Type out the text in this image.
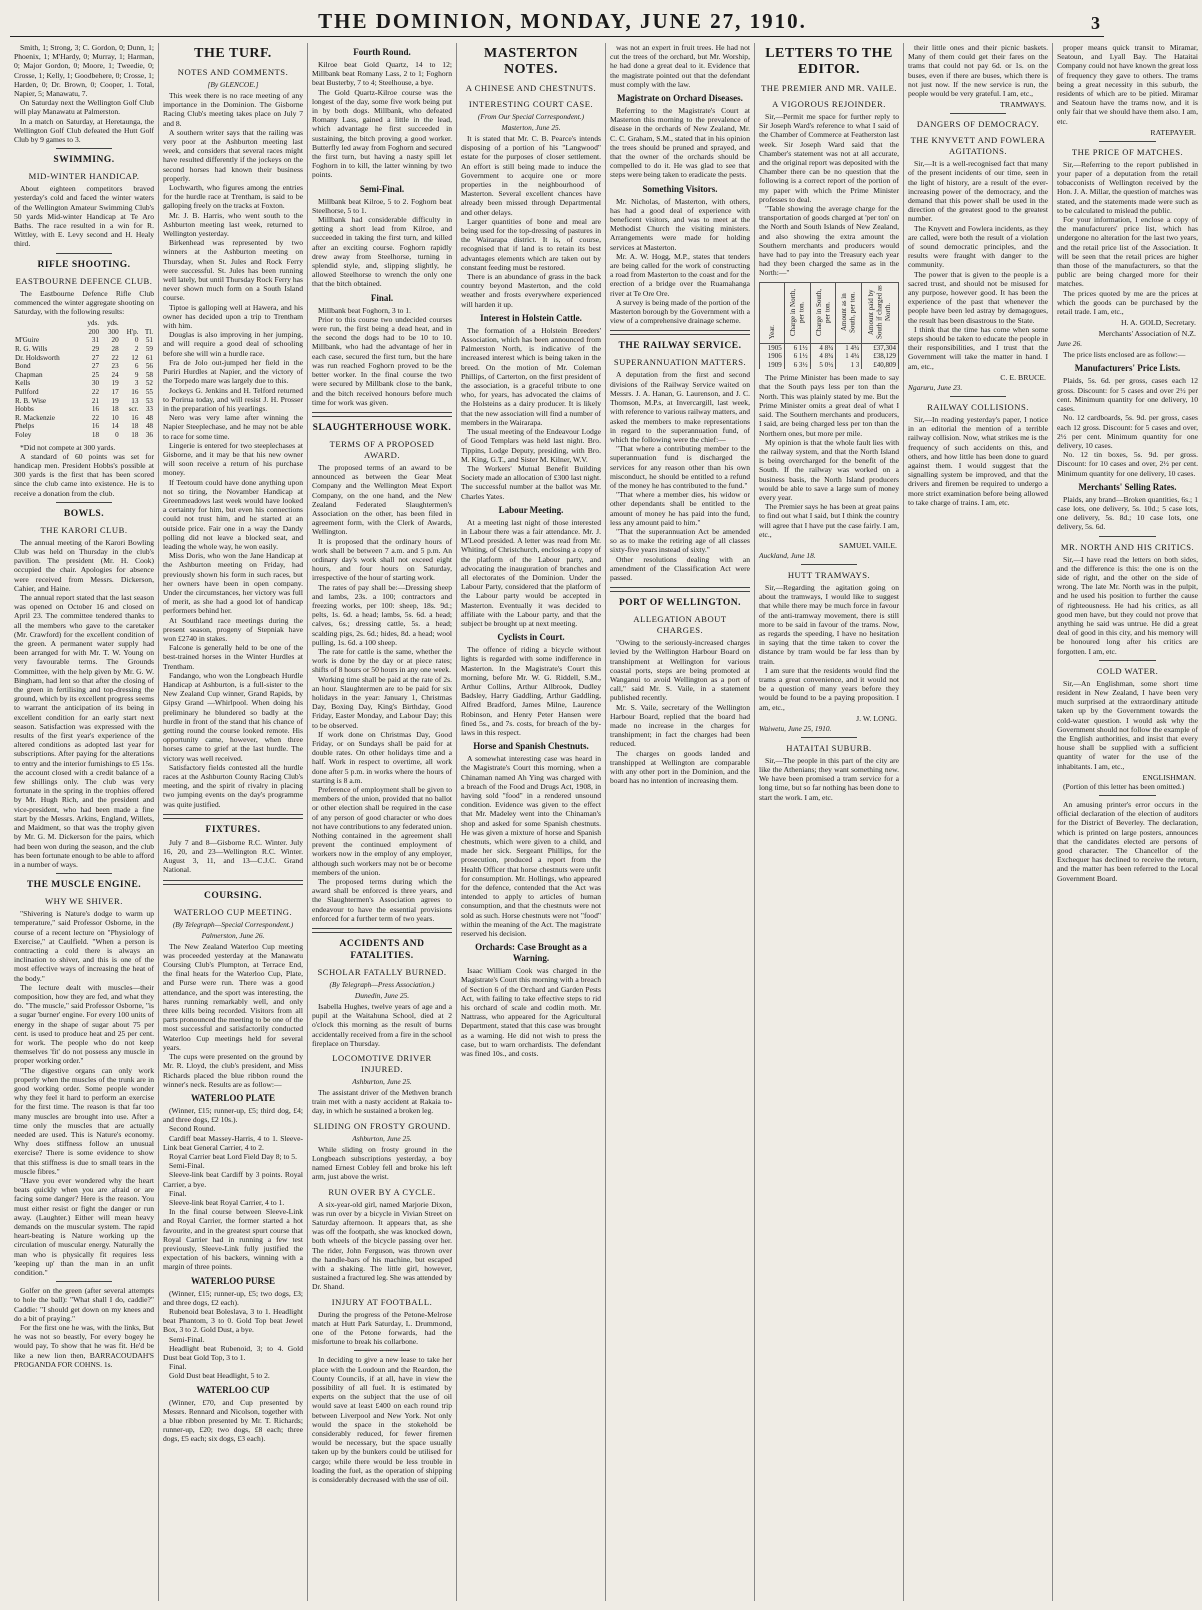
THE DOMINION, MONDAY, JUNE 27, 1910.	3

Smith, 1; Strong, 3; C. Gordon, 0; Dunn, 1; Phoenix, 1; M'Hardy, 0; Murray, 1; Harman, 0; Major Gordon, 0; Moore, 1; Tweedie, 0; Crosse, 1; Kelly, 1; Goodbehere, 0; Crosse, 1; Harden, 0; Dr. Brown, 0; Cooper, 1. Total, Napier, 5; Manawatu, 7.

On Saturday next the Wellington Golf Club will play Manawatu at Palmerston.

In a match on Saturday, at Heretaunga, the Wellington Golf Club defeated the Hutt Golf Club by 9 games to 3.

SWIMMING.
MID-WINTER HANDICAP.

About eighteen competitors braved yesterday's cold and faced the winter waters of the Wellington Amateur Swimming Club's 50 yards Mid-winter Handicap at Te Aro Baths. The race resulted in a win for R. Wittley, with E. Levy second and H. Healy third.

RIFLE SHOOTING.
EASTBOURNE DEFENCE CLUB.

The Eastbourne Defence Rifle Club commenced the winter aggregate shooting on Saturday, with the following results:

	yds.	yds.		
	200	300	H'p.	Tl.
M'Guire	31	20	0	51
R. G. Wills	29	28	2	59
Dr. Holdsworth	27	22	12	61
Bond	27	23	6	56
Chapman	25	24	9	58
Kells	30	19	3	52
Pullford	22	17	16	55
R. B. Wise	21	19	13	53
Hobbs	16	18	scr.	33
R. Mackenzie	22	10	16	48
Phelps	16	14	18	48
Foley	18	0	18	36

*Did not compete at 300 yards.

A standard of 60 points was set for handicap men. President Hobbs's possible at 300 yards is the first that has been scored since the club came into existence. He is to receive a donation from the club.

BOWLS.
THE KARORI CLUB.

The annual meeting of the Karori Bowling Club was held on Thursday in the club's pavilion. The president (Mr. H. Cook) occupied the chair. Apologies for absence were received from Messrs. Dickerson, Cahier, and Haine.

The annual report stated that the last season was opened on October 16 and closed on April 23. The committee tendered thanks to all the members who gave to the caretaker (Mr. Crawford) for the excellent condition of the green. A permanent water supply had been arranged for with Mr. T. W. Young on very favourable terms. The Grounds Committee, with the help given by Mr. G. W. Bingham, had lent so that after the closing of the green in fertilising and top-dressing the ground, which by its excellent progress seems to warrant the anticipation of its being in excellent condition for an early start next season. Satisfaction was expressed with the results of the first year's experience of the altered conditions as adopted last year for subscriptions. After paying for the alterations to entry and the interior furnishings to £5 15s. the account closed with a credit balance of a few shillings only. The club was very fortunate in the spring in the trophies offered by Mr. Hugh Rich, and the president and vice-president, who had been made a fine start by the Messrs. Arkins, England, Willets, and Maidment, so that was the trophy given by Mr. G. M. Dickerson for the pairs, which had been won during the season, and the club has been fortunate enough to be able to afford in a number of ways.

THE MUSCLE ENGINE.
WHY WE SHIVER.

"Shivering is Nature's dodge to warm up temperature," said Professor Osborne, in the course of a recent lecture on "Physiology of Exercise," at Caulfield. "When a person is contracting a cold there is always an inclination to shiver, and this is one of the most effective ways of increasing the heat of the body."

The lecture dealt with muscles—their composition, how they are fed, and what they do. "The muscle," said Professor Osborne, "is a sugar 'burner' engine. For every 100 units of energy in the shape of sugar about 75 per cent. is used to produce heat and 25 per cent. for work. The people who do not keep themselves 'fit' do not possess any muscle in proper working order."

"The digestive organs can only work properly when the muscles of the trunk are in good working order. Some people wonder why they feel it hard to perform an exercise for the first time. The reason is that far too many muscles are brought into use. After a time only the muscles that are actually needed are used. This is Nature's economy. Why does stiffness follow an unusual exercise? There is some evidence to show that this stiffness is due to small tears in the muscle fibres."

"Have you ever wondered why the heart beats quickly when you are afraid or are facing some danger? Here is the reason. You must either resist or fight the danger or run away. (Laughter.) Either will mean heavy demands on the muscular system. The rapid heart-beating is Nature working up the circulation of muscular energy. Naturally the man who is physically fit requires less 'keeping up' than the man in an unfit condition."

Golfer on the green (after several attempts to hole the ball): "What shall I do, caddie?" Caddie: "I should get down on my knees and do a bit of praying."

For the first one he was, with the links, But he was not so beastly, For every bogey he would pay, To show that he was fit. He'd be like a new lion then, BARRACOUDAH'S PROGANDA FOR COHNS. 1s.

THE TURF.
NOTES AND COMMENTS.
[By GLENCOE.]

This week there is no race meeting of any importance in the Dominion. The Gisborne Racing Club's meeting takes place on July 7 and 8.

A southern writer says that the railing was very poor at the Ashburton meeting last week, and considers that several races might have resulted differently if the jockeys on the second horses had known their business properly.

Lochwarth, who figures among the entries for the hurdle race at Trentham, is said to be galloping freely on the tracks at Foxton.

Mr. J. B. Harris, who went south to the Ashburton meeting last week, returned to Wellington yesterday.

Birkenhead was represented by two winners at the Ashburton meeting on Thursday, when St. Jules and Rock Ferry were successful. St. Jules has been running well lately, but until Thursday Rock Ferry has never shown much form on a South Island course.

Tiptoe is galloping well at Hawera, and his owner has decided upon a trip to Trentham with him.

Douglas is also improving in her jumping, and will require a good deal of schooling before she will win a hurdle race.

Fra de Jolo out-jumped her field in the Puriri Hurdles at Napier, and the victory of the Torpedo mare was largely due to this.

Jockeys G. Jenkins and H. Telford returned to Porirua today, and will resist J. H. Prosser in the preparation of his yearlings.

Nero was very lame after winning the Napier Steeplechase, and he may not be able to race for some time.

Lingerie is entered for two steeplechases at Gisborne, and it may be that his new owner will soon receive a return of his purchase money.

If Teetoum could have done anything upon not so tiring, the Novamber Handicap at Greenmeadows last week would have looked a certainty for him, but even his connections could not trust him, and he started at an outside price. Fair one in a way the Dandy polling did not leave a blocked seat, and leading the whole way, he won easily.

Miss Doris, who won the Jane Handicap at the Ashburton meeting on Friday, had previously shown his form in such races, but her owners have been in open company. Under the circumstances, her victory was full of merit, as she had a good lot of handicap performers behind her.

At Southland race meetings during the present season, progeny of Stepniak have won £2740 in stakes.

Falcone is generally held to be one of the best-trained horses in the Winter Hurdles at Trentham.

Fandango, who won the Longbeach Hurdle Handicap at Ashburton, is a full-sister to the New Zealand Cup winner, Grand Rapids, by Gipsy Grand —Whirlpool. When doing his preliminary he blundered so badly at the hurdle in front of the stand that his chance of getting round the course looked remote. His opportunity came, however, when three horses came to grief at the last hurdle. The victory was well received.

Satisfactory fields contested all the hurdle races at the Ashburton County Racing Club's meeting, and the spirit of rivalry in placing two jumping events on the day's programme was quite justified.

FIXTURES.

July 7 and 8—Gisborne R.C. Winter. July 16, 20, and 23—Wellington R.C. Winter. August 3, 11, and 13—C.J.C. Grand National.

COURSING.
WATERLOO CUP MEETING.
(By Telegraph—Special Correspondent.)
Palmerston, June 26.

The New Zealand Waterloo Cup meeting was proceeded yesterday at the Manawatu Coursing Club's Plumpton, at Terrace End, the final heats for the Waterloo Cup, Plate, and Purse were run. There was a good attendance, and the sport was interesting, the hares running remarkably well, and only three kills being recorded. Visitors from all parts pronounced the meeting to be one of the most successful and satisfactorily conducted Waterloo Cup meetings held for several years.

The cups were presented on the ground by Mr. R. Lloyd, the club's president, and Miss Richards placed the blue ribbon round the winner's neck. Results are as follow:—

WATERLOO PLATE

(Winner, £15; runner-up, £5; third dog, £4; and three dogs, £2 10s.).

Second Round.

Cardiff beat Massey-Harris, 4 to 1. Sleeve-Link beat General Carrier, 4 to 2.

Royal Carrier beat Lord Field Day 8; to 5.

Semi-Final.

Sleeve-link beat Cardiff by 3 points. Royal Carrier, a bye.

Final.

Sleeve-link beat Royal Carrier, 4 to 1.

In the final course between Sleeve-Link and Royal Carrier, the former started a hot favourite, and in the greatest spurt course that Royal Carrier had in running a few test previously, Sleeve-Link fully justified the expectation of his backers, winning with a margin of three points.

WATERLOO PURSE

(Winner, £15; runner-up, £5; two dogs, £3; and three dogs, £2 each).

Rubenoid beat Boleslava, 3 to 1. Headlight beat Phantom, 3 to 0. Gold Top beat Jewel Box, 3 to 2. Gold Dust, a bye.

Semi-Final.

Headlight beat Rubenoid, 3; to 4. Gold Dust beat Gold Top, 3 to 1.

Final.

Gold Dust beat Headlight, 5 to 2.

WATERLOO CUP

(Winner, £70, and Cup presented by Messrs. Rennard and Nicolson, together with a blue ribbon presented by Mr. T. Richards; runner-up, £20; two dogs, £8 each; three dogs, £5 each; six dogs, £3 each).

Fourth Round.

Kilroe beat Gold Quartz, 14 to 12; Millbank beat Romany Lass, 2 to 1; Foghorn beat Busterby, 7 to 4; Steelhouse, a bye.

The Gold Quartz-Kilroe course was the longest of the day, some five work being put in by both dogs. Millbank, who defeated Romany Lass, gained a little in the lead, which advantage he first succeeded in sustaining, the bitch proving a good worker. Butterfly led away from Foghorn and secured the first turn, but having a nasty spill let Foghorn in to kill, the latter winning by two points.

Semi-Final.

Millbank beat Kilroe, 5 to 2. Foghorn beat Steelhorse, 5 to 1.

Millbank had considerable difficulty in getting a short lead from Kilroe, and succeeded in taking the first turn, and killed after an exciting course. Foghorn rapidly drew away from Steelhorse, turning in splendid style, and, slipping slightly, he allowed Steelhorse to wrench the only one that the bitch obtained.

Final.

Millbank beat Foghorn, 3 to 1.

Prior to this course two undecided courses were run, the first being a dead heat, and in the second the dogs had to be 10 to 10. Millbank, who had the advantage of her in each case, secured the first turn, but the hare was run reached Foghorn proved to be the better worker. In the final course the two were secured by Millbank close to the bank, and the bitch received honours before much time for work was given.

SLAUGHTERHOUSE WORK.
TERMS OF A PROPOSED AWARD.

The proposed terms of an award to be announced as between the Gear Meat Company and the Wellington Meat Export Company, on the one hand, and the New Zealand Federated Slaughtermen's Association on the other, has been filed in agreement form, with the Clerk of Awards, Wellington.

It is proposed that the ordinary hours of work shall be between 7 a.m. and 5 p.m. An ordinary day's work shall not exceed eight hours, and four hours on Saturday, irrespective of the hour of starting work.

The rates of pay shall be:—Dressing sheep and lambs, 23s. a 100; contractors and freezing works, per 100: sheep, 18s. 9d.; pelts, 1s. 6d. a head; lambs, 5s. 6d. a head; calves, 6s.; dressing cattle, 5s. a head; scalding pigs, 2s. 6d.; hides, 8d. a head; wool pulling, 1s. 6d. a 100 sheep.

The rate for cattle is the same, whether the work is done by the day or at piece rates; shifts of 8 hours or 50 hours in any one week.

Working time shall be paid at the rate of 2s. an hour. Slaughtermen are to be paid for six holidays in the year: January 1, Christmas Day, Boxing Day, King's Birthday, Good Friday, Easter Monday, and Labour Day; this to be observed.

If work done on Christmas Day, Good Friday, or on Sundays shall be paid for at double rates. On other holidays time and a half. Work in respect to overtime, all work done after 5 p.m. in works where the hours of starting is 8 a.m.

Preference of employment shall be given to members of the union, provided that no ballot or other election shall be required in the case of any person of good character or who does not have contributions to any federated union. Nothing contained in the agreement shall prevent the continued employment of workers now in the employ of any employer, although such workers may not be or become members of the union.

The proposed terms during which the award shall be enforced is three years, and the Slaughtermen's Association agrees to endeavour to have the essential provisions enforced for a further term of two years.

ACCIDENTS AND FATALITIES.
SCHOLAR FATALLY BURNED.
(By Telegraph—Press Association.)
Dunedin, June 25.

Isabella Hughes, twelve years of age and a pupil at the Waitahuna School, died at 2 o'clock this morning as the result of burns accidentally received from a fire in the school fireplace on Thursday.

LOCOMOTIVE DRIVER INJURED.
Ashburton, June 25.

The assistant driver of the Methven branch train met with a nasty accident at Rakaia to-day, in which he sustained a broken leg.

SLIDING ON FROSTY GROUND.
Ashburton, June 25.

While sliding on frosty ground in the Longbeach subscriptions yesterday, a boy named Ernest Cobley fell and broke his left arm, just above the wrist.

RUN OVER BY A CYCLE.

A six-year-old girl, named Marjorie Dixon, was run over by a bicycle in Vivian Street on Saturday afternoon. It appears that, as she was off the footpath, she was knocked down, both wheels of the bicycle passing over her. The rider, John Ferguson, was thrown over the handle-bars of his machine, but escaped with a shaking. The little girl, however, sustained a fractured leg. She was attended by Dr. Shand.

INJURY AT FOOTBALL.

During the progress of the Petone-Melrose match at Hutt Park Saturday, L. Drummond, one of the Petone forwards, had the misfortune to break his collarbone.

In deciding to give a new lease to take her place with the Loudoun and the Reardon, the County Councils, if at all, have in view the possibility of all fuel. It is estimated by experts on the subject that the use of oil would save at least £400 on each round trip between Liverpool and New York. Not only would the space in the stokehold be considerably reduced, for fewer firemen would be necessary, but the space usually taken up by the bunkers could be utilised for cargo; while there would be less trouble in loading the fuel, as the operation of shipping is considerably decreased with the use of oil.

MASTERTON NOTES.
A CHINESE AND CHESTNUTS.
INTERESTING COURT CASE.
(From Our Special Correspondent.)
Masterton, June 25.

It is stated that Mr. C. B. Pearce's intends disposing of a portion of his "Langwood" estate for the purposes of closer settlement. An effort is still being made to induce the Government to acquire one or more properties in the neighbourhood of Masterton. Several excellent chances have already been missed through Departmental and other delays.

Larger quantities of bone and meal are being used for the top-dressing of pastures in the Wairarapa district. It is, of course, recognised that if land is to retain its best advantages elements which are taken out by constant feeding must be restored.

There is an abundance of grass in the back country beyond Masterton, and the cold weather and frosts everywhere experienced will harden it up.

Interest in Holstein Cattle.

The formation of a Holstein Breeders' Association, which has been announced from Palmerston North, is indicative of the increased interest which is being taken in the breed. On the motion of Mr. Coleman Phillips, of Carterton, on the first president of the association, is a graceful tribute to one who, for years, has advocated the claims of the Holsteins as a dairy producer. It is likely that the new association will find a number of members in the Wairarapa.

The usual meeting of the Endeavour Lodge of Good Templars was held last night. Bro. Tippins, Lodge Deputy, presiding, with Bro. M. King, G.T., and Sister M. Kilner, W.V.

The Workers' Mutual Benefit Building Society made an allocation of £300 last night. The successful number at the ballot was Mr. Charles Yates.

Labour Meeting.

At a meeting last night of those interested in Labour there was a fair attendance. Mr. J. M'Leod presided. A letter was read from Mr. Whiting, of Christchurch, enclosing a copy of the platform of the Labour party, and advocating the inauguration of branches and all electorates of the Dominion. Under the Labour Party, considered that the platform of the Labour party would be accepted in Masterton. Eventually it was decided to affiliate with the Labour party, and that the subject be brought up at next meeting.

Cyclists in Court.

The offence of riding a bicycle without lights is regarded with some indifference in Masterton. In the Magistrate's Court this morning, before Mr. W. G. Riddell, S.M., Arthur Collins, Arthur Allbrook, Dudley Badsley, Harry Gaddling, Arthur Gaddling, Alfred Bradford, James Milne, Laurence Robinson, and Henry Peter Hansen were fined 5s., and 7s. costs, for breach of the by-laws in this respect.

Horse and Spanish Chestnuts.

A somewhat interesting case was heard in the Magistrate's Court this morning, when a Chinaman named Ah Ying was charged with a breach of the Food and Drugs Act, 1908, in having sold "food" in a rendered unsound condition. Evidence was given to the effect that Mr. Madeley went into the Chinaman's shop and asked for some Spanish chestnuts. He was given a mixture of horse and Spanish chestnuts, which were given to a child, and made her sick. Sergeant Phillips, for the prosecution, produced a report from the Health Officer that horse chestnuts were unfit for consumption. Mr. Hollings, who appeared for the defence, contended that the Act was intended to apply to articles of human consumption, and that the chestnuts were not sold as such. Horse chestnuts were not "food" within the meaning of the Act. The magistrate reserved his decision.

Orchards: Case Brought as a Warning.

Isaac William Cook was charged in the Magistrate's Court this morning with a breach of Section 6 of the Orchard and Garden Pests Act, with failing to take effective steps to rid his orchard of scale and codlin moth. Mr. Nattrass, who appeared for the Agricultural Department, stated that this case was brought as a warning. He did not wish to press the case, but to warn orchardists. The defendant was fined 10s., and costs.

was not an expert in fruit trees. He had not cut the trees of the orchard, but Mr. Worship, he had done a great deal to it. Evidence that the magistrate pointed out that the defendant must comply with the law.

Magistrate on Orchard Diseases.

Referring to the Magistrate's Court at Masterton this morning to the prevalence of disease in the orchards of New Zealand, Mr. C. C. Graham, S.M., stated that in his opinion the trees should be pruned and sprayed, and that the owner of the orchards should be compelled to do it. He was glad to see that steps were being taken to eradicate the pests.

Something Visitors.

Mr. Nicholas, of Masterton, with others, has had a good deal of experience with beneficent visitors, and was to meet at the Methodist Church the visiting ministers. Arrangements were made for holding services at Masterton.

Mr. A. W. Hogg, M.P., states that tenders are being called for the work of constructing a road from Masterton to the coast and for the erection of a bridge over the Ruamahanga river at Te Ore Ore.

A survey is being made of the portion of the Masterton borough by the Government with a view of a comprehensive drainage scheme.

THE RAILWAY SERVICE.
SUPERANNUATION MATTERS.

A deputation from the first and second divisions of the Railway Service waited on Messrs. J. A. Hanan, G. Laurenson, and J. C. Thomson, M.P.s, at Invercargill, last week, with reference to various railway matters, and asked the members to make representations in regard to the superannuation fund, of which the following were the chief:—

"That where a contributing member to the superannuation fund is discharged the services for any reason other than his own misconduct, he should be entitled to a refund of the money he has contributed to the fund."

"That where a member dies, his widow or other dependants shall be entitled to the amount of money he has paid into the fund, less any amount paid to him."

"That the superannuation Act be amended so as to make the retiring age of all classes sixty-five years instead of sixty."

Other resolutions dealing with an amendment of the Classification Act were passed.

PORT OF WELLINGTON.
ALLEGATION ABOUT CHARGES.

"Owing to the seriously-increased charges levied by the Wellington Harbour Board on transhipment at Wellington for various coastal ports, steps are being promoted at Wanganui to avoid Wellington as a port of call," said Mr. S. Vaile, in a statement published recently.

Mr. S. Vaile, secretary of the Wellington Harbour Board, replied that the board had made no increase in the charges for transhipment; in fact the charges had been reduced.

The charges on goods landed and transhipped at Wellington are comparable with any other port in the Dominion, and the board has no intention of increasing them.

LETTERS TO THE EDITOR.
THE PREMIER AND MR. VAILE.
A VIGOROUS REJOINDER.

Sir,—Permit me space for further reply to Sir Joseph Ward's reference to what I said of the Chamber of Commerce at Featherston last week. Sir Joseph Ward said that the Chamber's statement was not at all accurate, and the original report was deposited with the Chamber there can be no question that the following is a correct report of the portion of my paper with which the Prime Minister professes to deal.

"Table showing the average charge for the transportation of goods charged at 'per ton' on the North and South Islands of New Zealand, and also showing the extra amount the Southern merchants and producers would have had to pay into the Treasury each year had they been charged the same as in the North:—"

Year.	Charge in North, per ton.	Charge in South, per ton.	Amount as in South, per ton.	Amount paid by South if charged as North.
1905	6 1½	4 8¾	1 4¾	£37,304
1906	6 1½	4 8¾	1 4¾	£38,129
1909	6 3½	5 0½	1 3	£40,809

The Prime Minister has been made to say that the South pays less per ton than the North. This was plainly stated by me. But the Prime Minister omits a great deal of what I said. The Southern merchants and producers, I said, are being charged less per ton than the Northern ones, but more per mile.

My opinion is that the whole fault lies with the railway system, and that the North Island is being overcharged for the benefit of the South. If the railway was worked on a business basis, the North Island producers would be able to save a large sum of money every year.

The Premier says he has been at great pains to find out what I said, but I think the country will agree that I have put the case fairly. I am, etc.,

SAMUEL VAILE.
Auckland, June 18.
HUTT TRAMWAYS.

Sir,—Regarding the agitation going on about the tramways, I would like to suggest that while there may be much force in favour of the anti-tramway movement, there is still more to be said in favour of the trams. Now, as regards the speeding, I have no hesitation in saying that the time taken to cover the distance by tram would be far less than by train.

I am sure that the residents would find the trams a great convenience, and it would not be a question of many years before they would be found to be a paying proposition. I am, etc.,

J. W. LONG.
Waiwetu, June 25, 1910.
HATAITAI SUBURB.

Sir,—The people in this part of the city are like the Athenians; they want something new. We have been promised a tram service for a long time, but so far nothing has been done to start the work. I am, etc.

their little ones and their picnic baskets. Many of them could get their fares on the trams that could not pay 6d. or 1s. on the buses, even if there are buses, which there is not just now. If the new service is run, the people would be very grateful. I am, etc.,

TRAMWAYS.
DANGERS OF DEMOCRACY.
THE KNYVETT AND FOWLERA AGITATIONS.

Sir,—It is a well-recognised fact that many of the present incidents of our time, seen in the light of history, are a result of the ever-increasing power of the democracy, and the demand that this power shall be used in the direction of the greatest good to the greatest number.

The Knyvett and Fowlera incidents, as they are called, were both the result of a violation of sound democratic principles, and the results were fraught with danger to the community.

The power that is given to the people is a sacred trust, and should not be misused for any purpose, however good. It has been the experience of the past that whenever the people have been led astray by demagogues, the result has been disastrous to the State.

I think that the time has come when some steps should be taken to educate the people in their responsibilities, and I trust that the Government will take the matter in hand. I am, etc.,

C. E. BRUCE.
Ngaruru, June 23.
RAILWAY COLLISIONS.

Sir,—In reading yesterday's paper, I notice in an editorial the mention of a terrible railway collision. Now, what strikes me is the frequency of such accidents on this, and others, and how little has been done to guard against them. I would suggest that the signalling system be improved, and that the drivers and firemen be required to undergo a more strict examination before being allowed to take charge of trains. I am, etc.

proper means quick transit to Miramar, Seatoun, and Lyall Bay. The Hataitai Company could not have known the great loss of frequency they gave to others. The trams being a great necessity in this suburb, the residents of which are to be pitied. Miramar and Seatoun have the trams now, and it is only fair that we should have them also. I am, etc.

RATEPAYER.
THE PRICE OF MATCHES.

Sir,—Referring to the report published in your paper of a deputation from the retail tobacconists of Wellington received by the Hon. J. A. Millar, the question of matches was stated, and the statements made were such as to be calculated to mislead the public.

For your information, I enclose a copy of the manufacturers' price list, which has undergone no alteration for the last two years, and the retail price list of the Association. It will be seen that the retail prices are higher than those of the manufacturers, so that the public are being charged more for their matches.

The prices quoted by me are the prices at which the goods can be purchased by the retail trade. I am, etc.,

H. A. GOLD, Secretary.
Merchants' Association of N.Z.
June 26.

The price lists enclosed are as follow:—

Manufacturers' Price Lists.

Plaids, 5s. 6d. per gross, cases each 12 gross. Discount: for 5 cases and over 2½ per cent. Minimum quantity for one delivery, 10 cases.

No. 12 cardboards, 5s. 9d. per gross, cases each 12 gross. Discount: for 5 cases and over, 2½ per cent. Minimum quantity for one delivery, 10 cases.

No. 12 tin boxes, 5s. 9d. per gross. Discount: for 10 cases and over, 2½ per cent. Minimum quantity for one delivery, 10 cases.

Merchants' Selling Rates.

Plaids, any brand—Broken quantities, 6s.; 1 case lots, one delivery, 5s. 10d.; 5 case lots, one delivery, 5s. 8d.; 10 case lots, one delivery, 5s. 6d.

MR. NORTH AND HIS CRITICS.

Sir,—I have read the letters on both sides, and the difference is this: the one is on the side of right, and the other on the side of wrong. The late Mr. North was in the pulpit, and he used his position to further the cause of righteousness. He had his critics, as all good men have, but they could not prove that anything he said was untrue. He did a great deal of good in this city, and his memory will be honoured long after his critics are forgotten. I am, etc.

COLD WATER.

Sir,—An Englishman, some short time resident in New Zealand, I have been very much surprised at the extraordinary attitude taken up by the Government towards the cold-water question. I would ask why the Government should not follow the example of the English authorities, and insist that every house shall be supplied with a sufficient quantity of water for the use of the inhabitants. I am, etc.,

ENGLISHMAN.

(Portion of this letter has been omitted.)

An amusing printer's error occurs in the official declaration of the election of auditors for the District of Beverley. The declaration, which is printed on large posters, announces that the candidates elected are persons of good character. The Chancellor of the Exchequer has declined to receive the return, and the matter has been referred to the Local Government Board.
